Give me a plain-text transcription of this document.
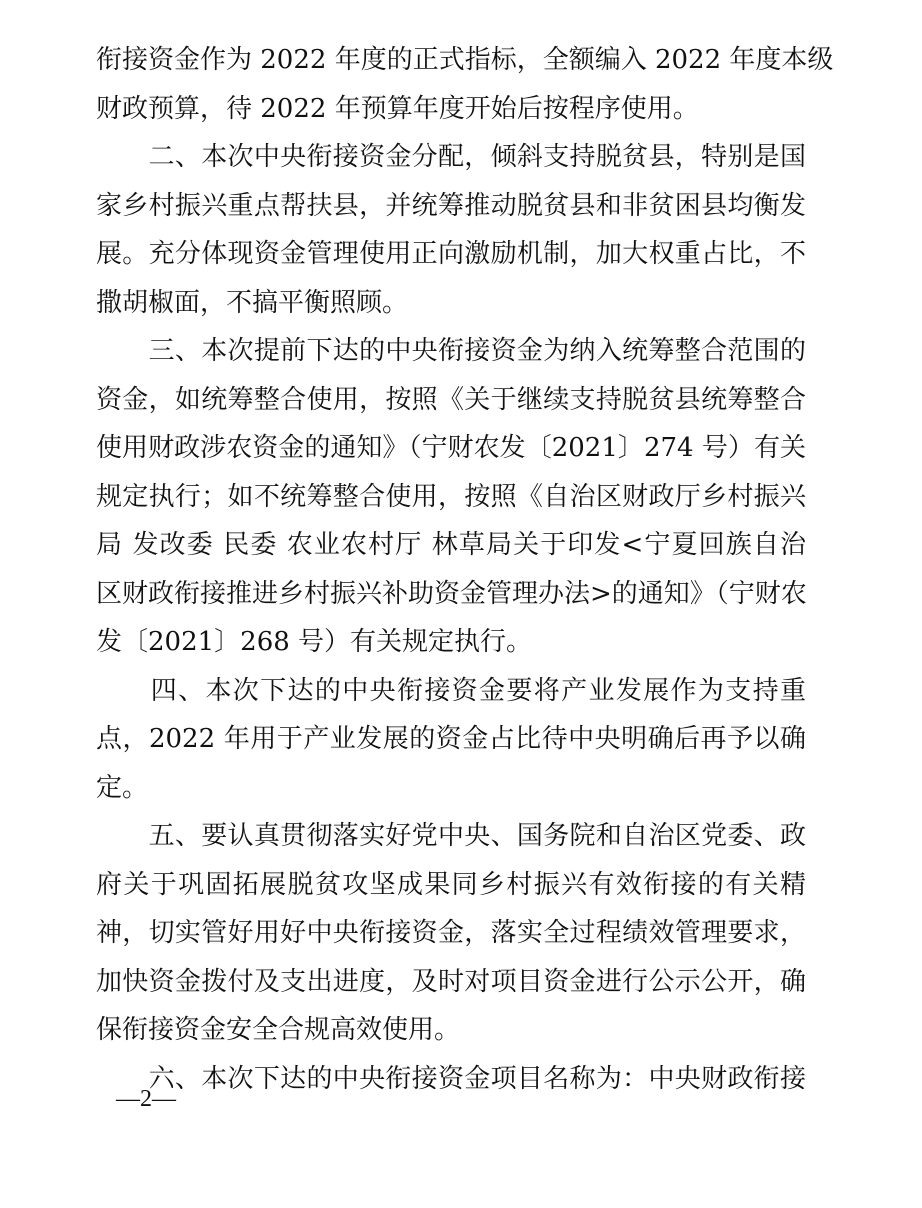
衔接资金作为 2022 年度的正式指标，全额编入 2022 年度本级
财政预算，待 2022 年预算年度开始后按程序使用。
　　二、本次中央衔接资金分配，倾斜支持脱贫县，特别是国
家乡村振兴重点帮扶县，并统筹推动脱贫县和非贫困县均衡发
展。充分体现资金管理使用正向激励机制，加大权重占比，不
撒胡椒面，不搞平衡照顾。
　　三、本次提前下达的中央衔接资金为纳入统筹整合范围的
资金，如统筹整合使用，按照《关于继续支持脱贫县统筹整合
使用财政涉农资金的通知》（宁财农发〔2021〕274 号）有关
规定执行；如不统筹整合使用，按照《自治区财政厅乡村振兴
局 发改委 民委 农业农村厅 林草局关于印发<宁夏回族自治
区财政衔接推进乡村振兴补助资金管理办法>的通知》（宁财农
发〔2021〕268 号）有关规定执行。
　　四、本次下达的中央衔接资金要将产业发展作为支持重
点，2022 年用于产业发展的资金占比待中央明确后再予以确
定。
　　五、要认真贯彻落实好党中央、国务院和自治区党委、政
府关于巩固拓展脱贫攻坚成果同乡村振兴有效衔接的有关精
神，切实管好用好中央衔接资金，落实全过程绩效管理要求，
加快资金拨付及支出进度，及时对项目资金进行公示公开，确
保衔接资金安全合规高效使用。
　　六、本次下达的中央衔接资金项目名称为：中央财政衔接
—2—
